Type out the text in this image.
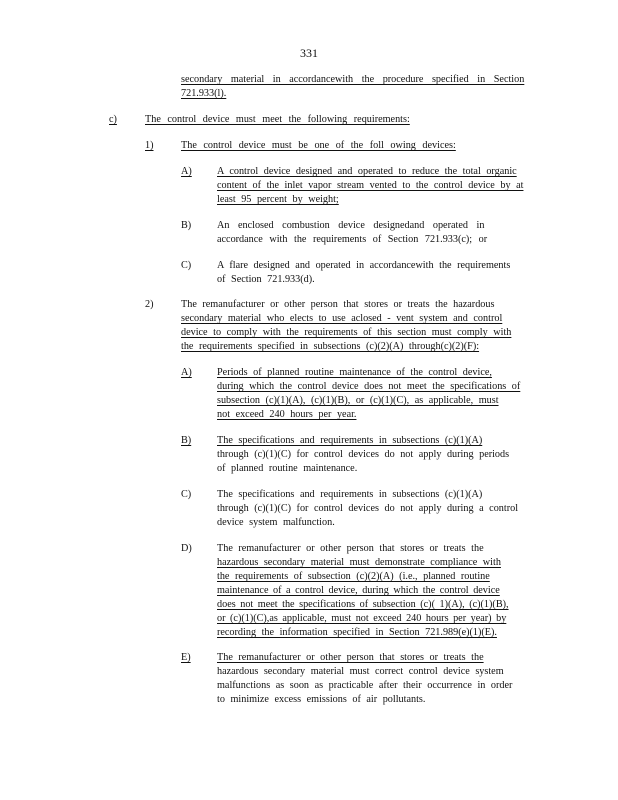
331
secondary material in accordancewith the procedure specified in Section
721.933(l).
c)	The control device must meet the following requirements:
1)	The control device must be one of the foll owing devices:
A) A control device designed and operated to reduce the total organic
content of the inlet vapor stream vented to the control device by at
least 95 percent by weight;
B)	An enclosed combustion device designedand operated in
accordance with the requirements of Section 721.933(c); or
C)	A flare designed and operated in accordancewith the requirements
of Section 721.933(d).
2)	The remanufacturer or other person that stores or treats the hazardous
secondary material who elects to use aclosed - vent system and control
device to comply with the requirements of this section must comply with
the requirements specified in subsections (c)(2)(A) through(c)(2)(F):
A) Periods of planned routine maintenance of the control device,
during which the control device does not meet the specifications of
subsection (c)(1)(A), (c)(1)(B), or (c)(1)(C), as applicable, must
not exceed 240 hours per year.
B)	The specifications and requirements in subsections (c)(1)(A)
through (c)(1)(C) for control devices do not apply during periods
of planned routine maintenance.
C)	The specifications and requirements in subsections (c)(1)(A)
through (c)(1)(C) for control devices do not apply during a control
device system malfunction.
D) The remanufacturer or other person that stores or treats the
hazardous secondary material must demonstrate compliance with
the requirements of subsection (c)(2)(A) (i.e., planned routine
maintenance of a control device, during which the control device
does not meet the specifications of subsection (c)( 1)(A), (c)(1)(B),
or (c)(1)(C),as applicable, must not exceed 240 hours per year) by
recording the information specified in Section 721.989(e)(1)(E).
E)	The remanufacturer or other person that stores or treats the
hazardous secondary material must correct control device system
malfunctions as soon as practicable after their occurrence in order
to minimize excess emissions of air pollutants.
